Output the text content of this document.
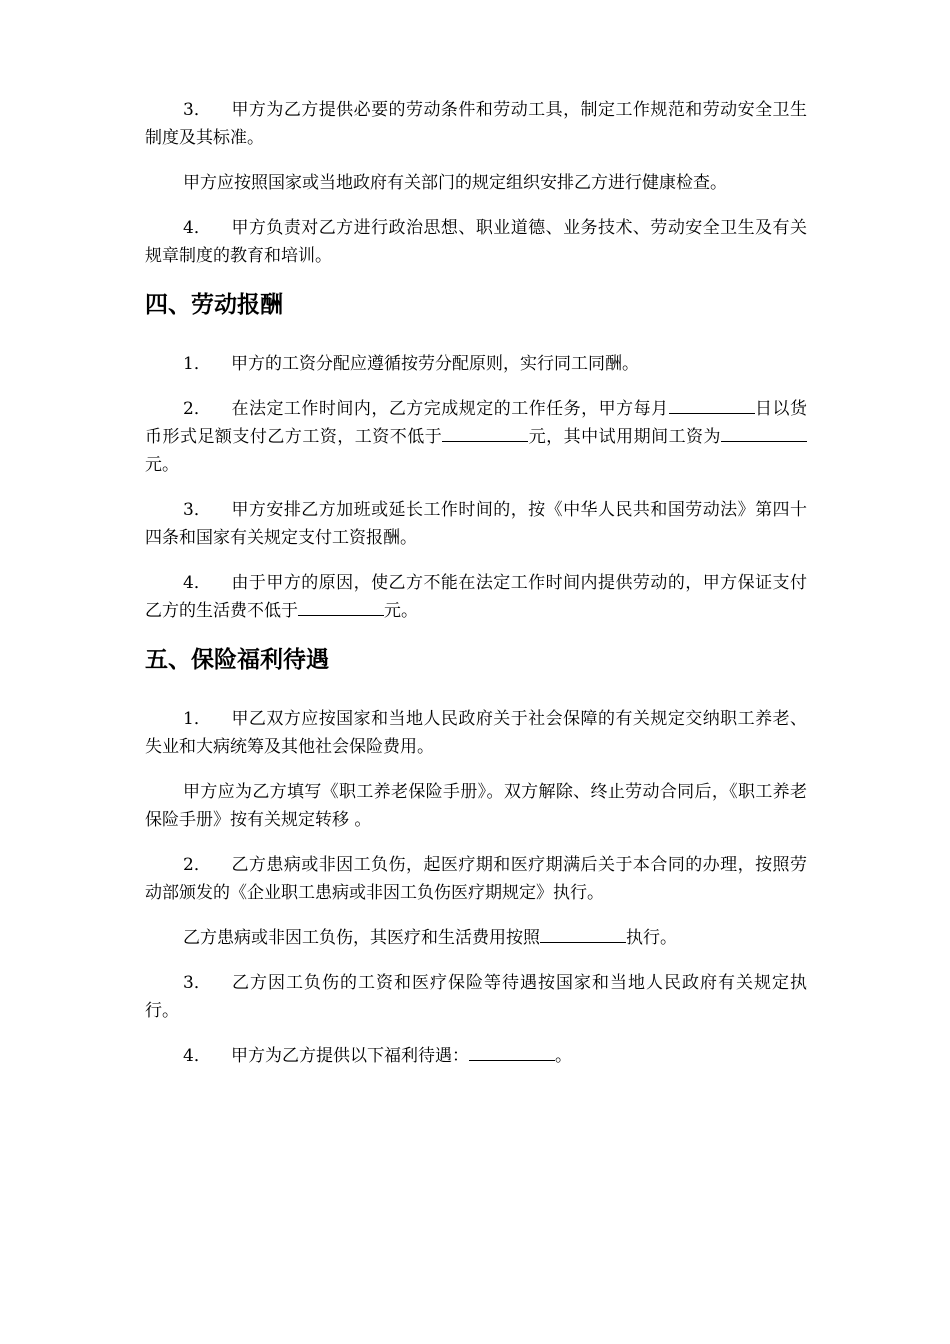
3． 甲方为乙方提供必要的劳动条件和劳动工具，制定工作规范和劳动安全卫生制度及其标准。

甲方应按照国家或当地政府有关部门的规定组织安排乙方进行健康检查。

4． 甲方负责对乙方进行政治思想、职业道德、业务技术、劳动安全卫生及有关规章制度的教育和培训。

四、劳动报酬

1． 甲方的工资分配应遵循按劳分配原则，实行同工同酬。

2． 在法定工作时间内，乙方完成规定的工作任务，甲方每月	日以货币形式足额支付乙方工资，工资不低于	元，其中试用期间工资为元。

3． 甲方安排乙方加班或延长工作时间的，按《中华人民共和国劳动法》第四十四条和国家有关规定支付工资报酬。

4． 由于甲方的原因，使乙方不能在法定工作时间内提供劳动的，甲方保证支付乙方的生活费不低于	元。

五、保险福利待遇

1． 甲乙双方应按国家和当地人民政府关于社会保障的有关规定交纳职工养老、失业和大病统筹及其他社会保险费用。

甲方应为乙方填写《职工养老保险手册》。双方解除、终止劳动合同后，《职工养老保险手册》按有关规定转移 。

2． 乙方患病或非因工负伤，起医疗期和医疗期满后关于本合同的办理，按照劳动部颁发的《企业职工患病或非因工负伤医疗期规定》执行。

乙方患病或非因工负伤，其医疗和生活费用按照	执行。

3． 乙方因工负伤的工资和医疗保险等待遇按国家和当地人民政府有关规定执行。

4． 甲方为乙方提供以下福利待遇：	。
